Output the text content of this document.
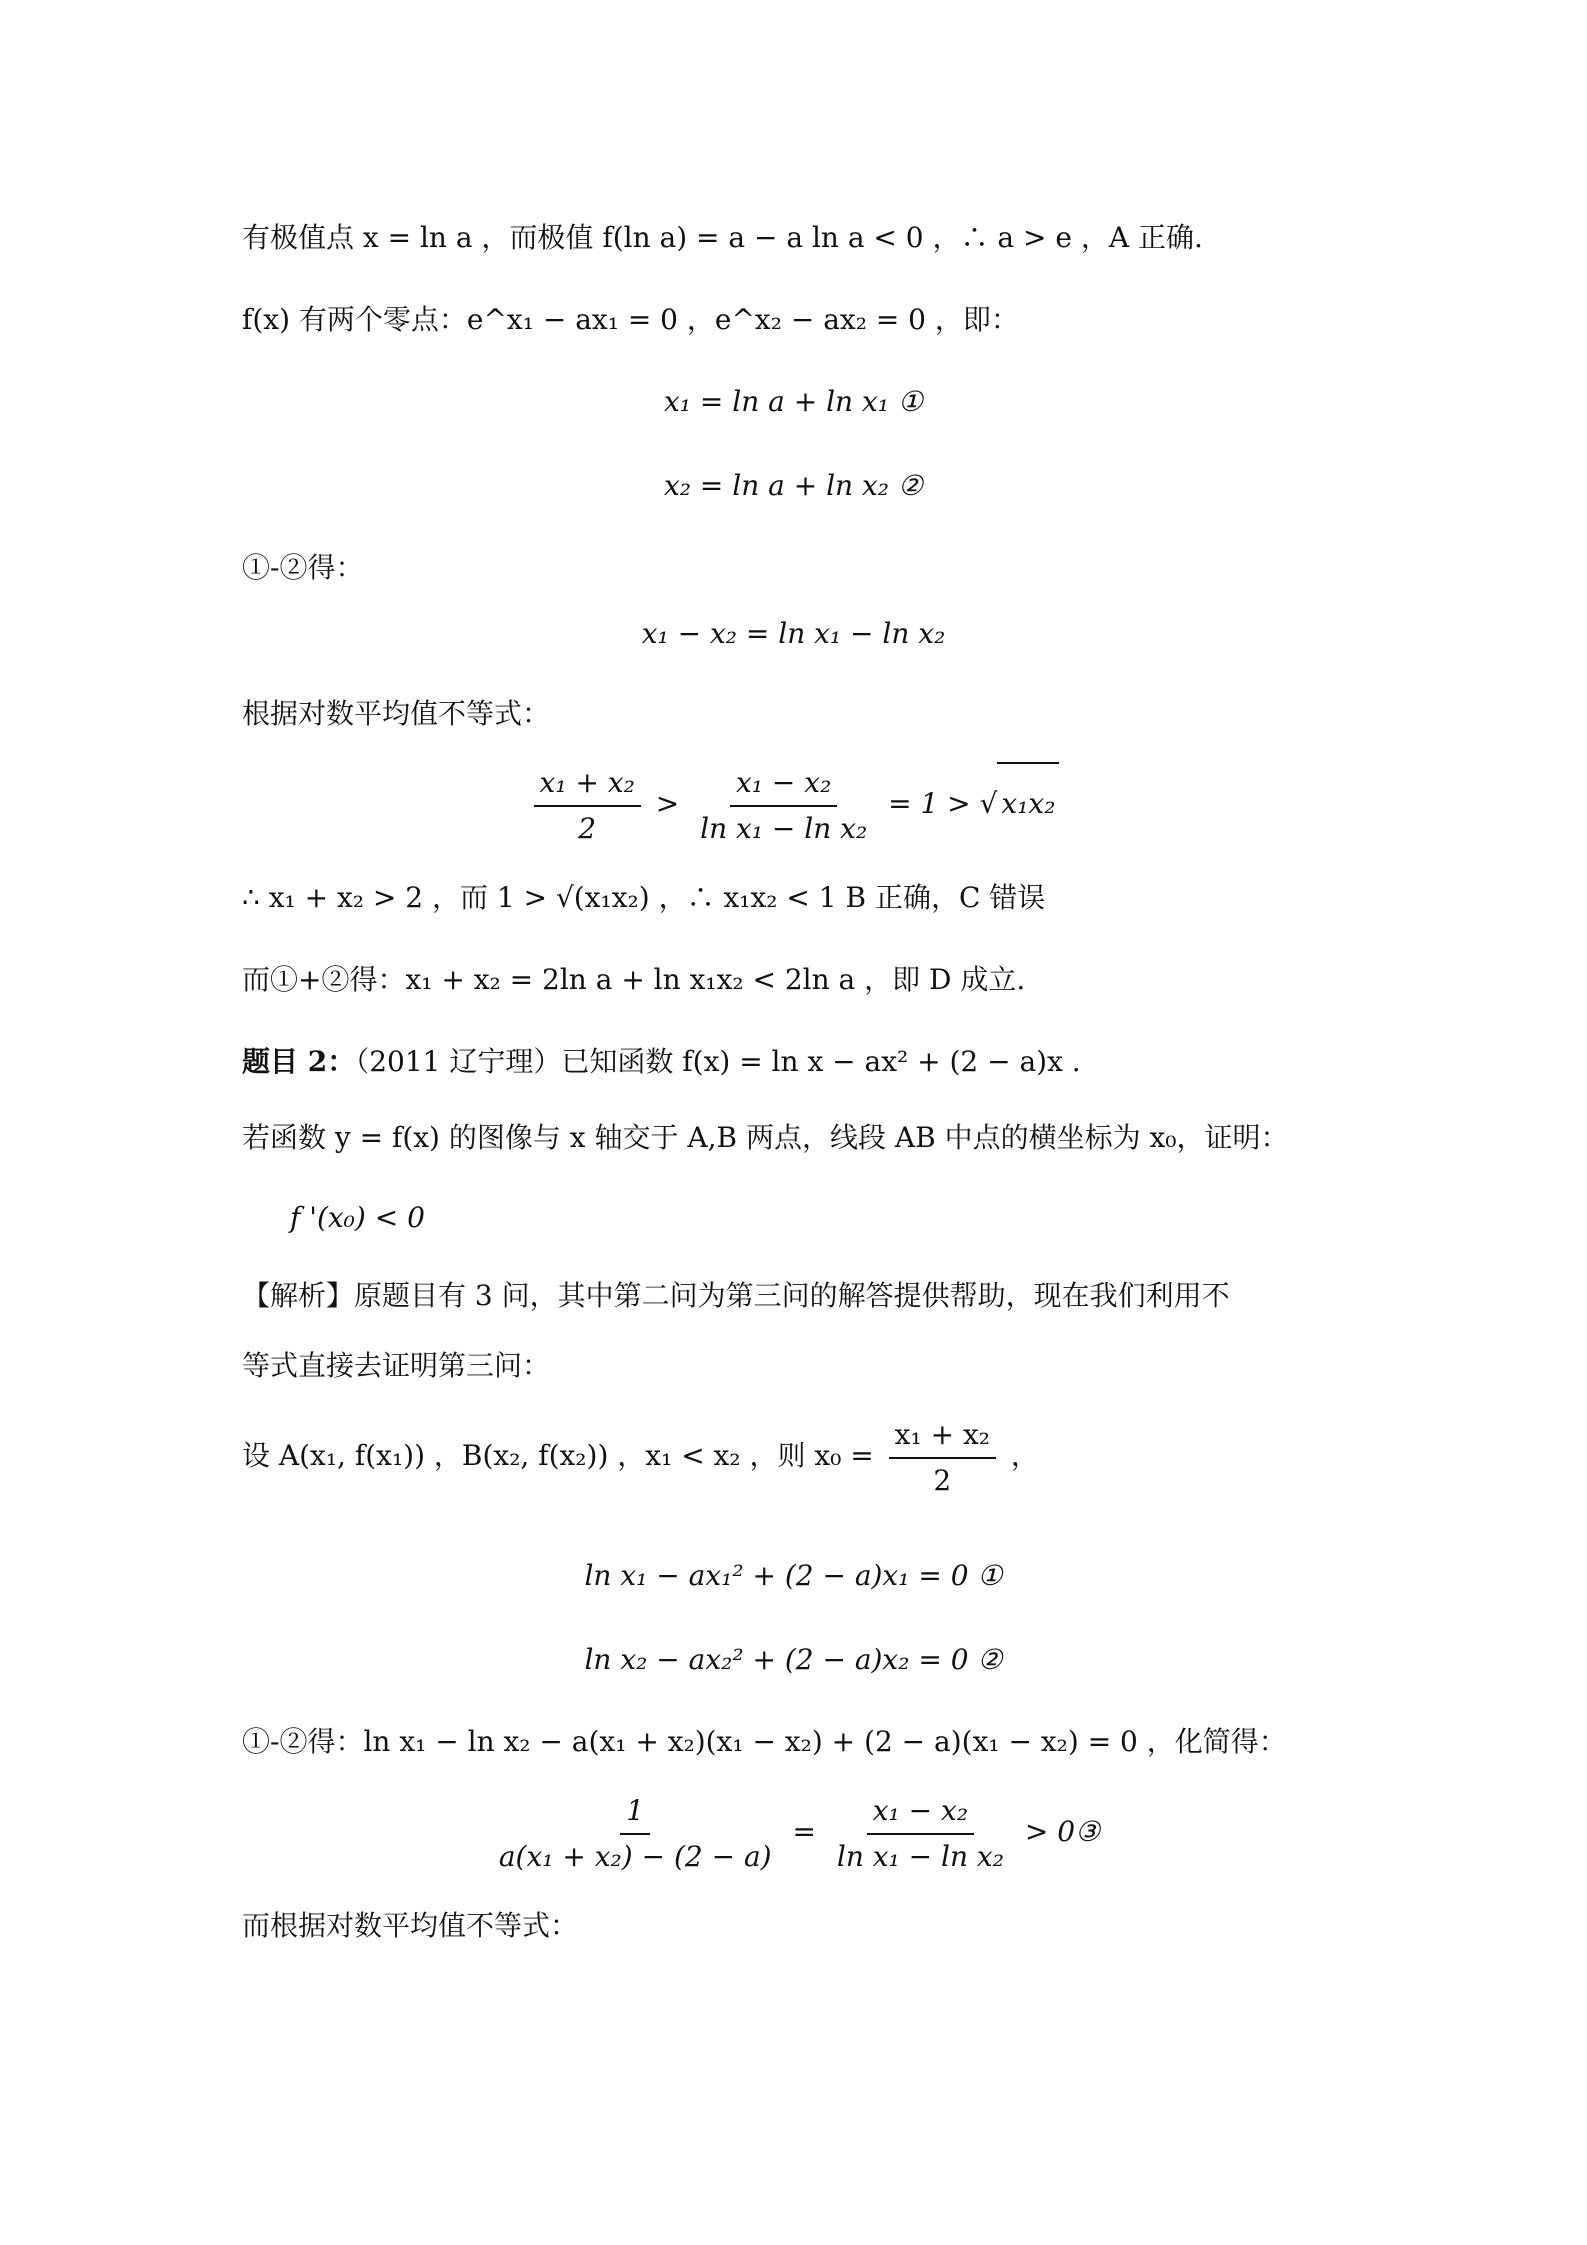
有极值点 x = ln a ，而极值 f(ln a) = a − a ln a < 0 ，∴ a > e ，A 正确.
f(x) 有两个零点：e^x₁ − ax₁ = 0 ，e^x₂ − ax₂ = 0 ，即：
x₁ = ln a + ln x₁ ①
x₂ = ln a + ln x₂ ②
①-②得：
x₁ − x₂ = ln x₁ − ln x₂
根据对数平均值不等式：
$\frac{\text{x₁ + x₂}}{2} > \frac{\text{x₁ − x₂}}{\text{ln x₁ − ln x₂}} = 1$ > √ x₁x₂
∴ x₁ + x₂ > 2 ，而 1 > √(x₁x₂) ，∴ x₁x₂ < 1 B 正确，C 错误
而①+②得：x₁ + x₂ = 2ln a + ln x₁x₂ < 2ln a ，即 D 成立.
题目 2：（2011 辽宁理）已知函数 f(x) = ln x − ax² + (2 − a)x .
若函数 y = f(x) 的图像与 x 轴交于 A,B 两点，线段 AB 中点的横坐标为 x₀，证明：
f '(x₀) < 0
【解析】原题目有 3 问，其中第二问为第三问的解答提供帮助，现在我们利用不
等式直接去证明第三问：
设 A(x₁, f(x₁)) ，B(x₂, f(x₂)) ，x₁ < x₂ ，则 $x_0 = \frac{\text{x₁ + x₂}}{2}$ ，
ln x₁ − ax₁² + (2 − a)x₁ = 0 ①
ln x₂ − ax₂² + (2 − a)x₂ = 0 ②
①-②得：ln x₁ − ln x₂ − a(x₁ + x₂)(x₁ − x₂) + (2 − a)(x₁ − x₂) = 0 ，化简得：
$\frac{1}{\text{a(x₁ + x₂) − (2 − a)}} = \frac{\text{x₁ − x₂}}{\text{ln x₁ − ln x₂}}$ > 0③
而根据对数平均值不等式：
